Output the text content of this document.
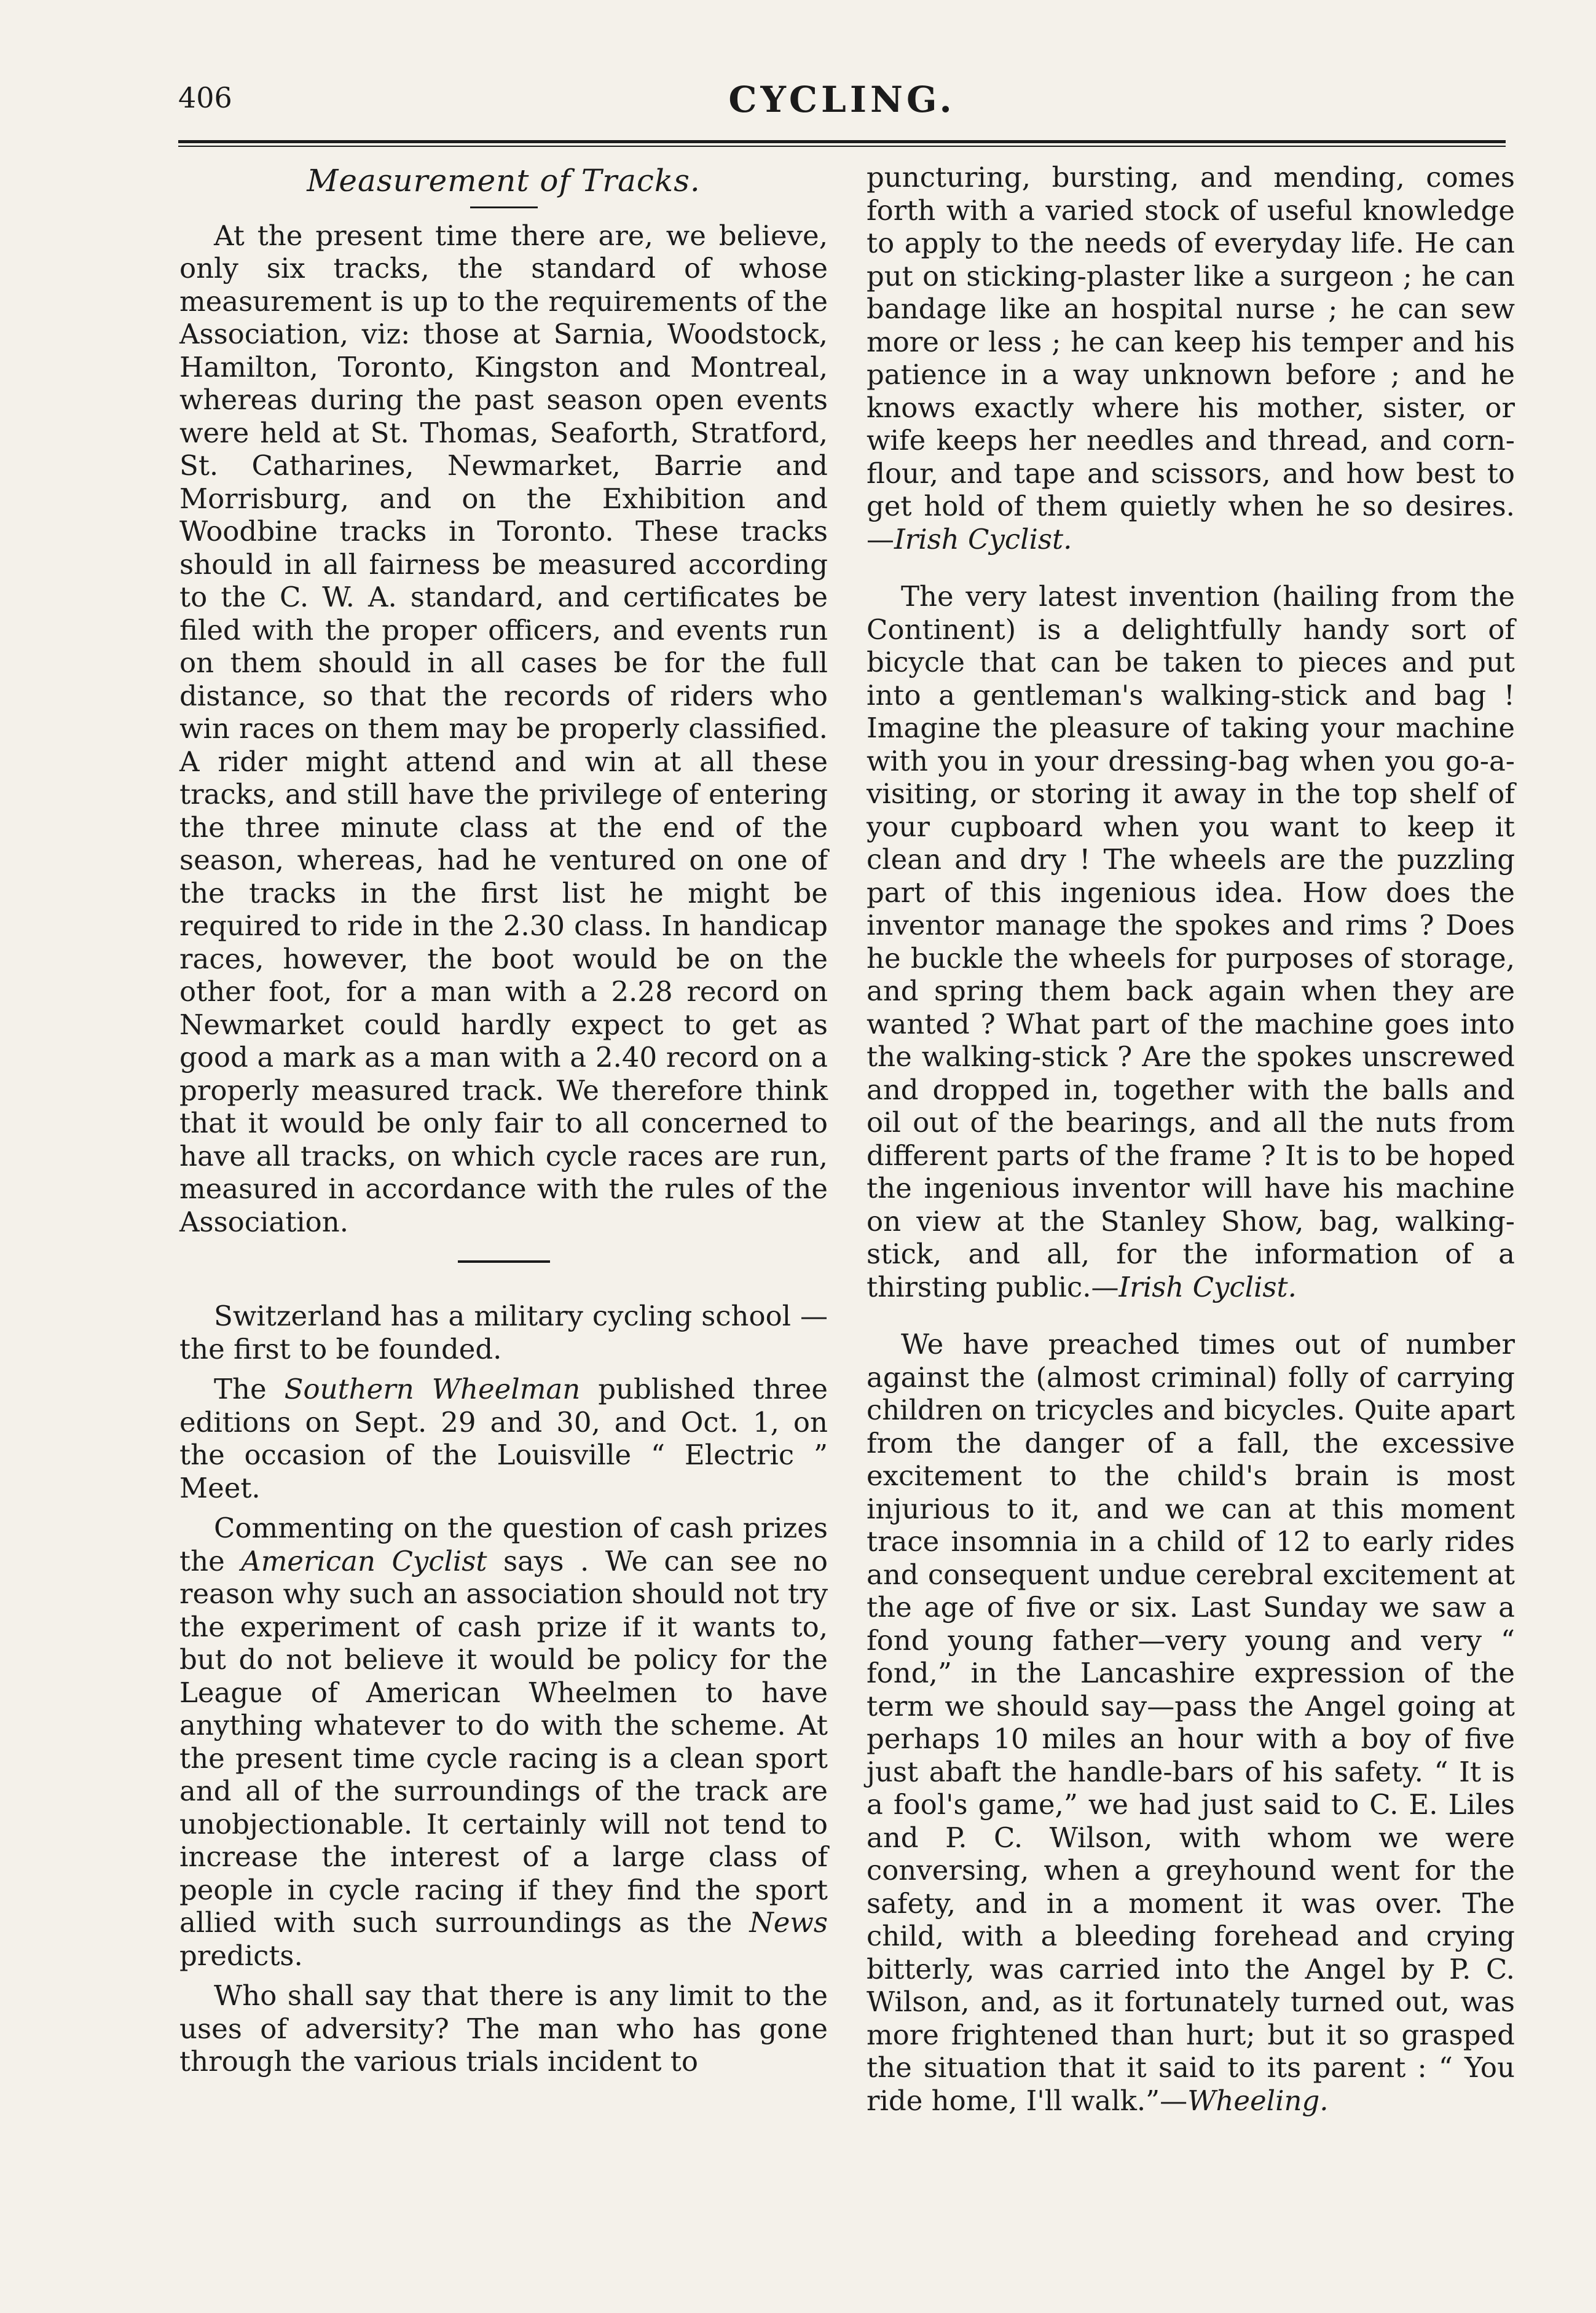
406	CYCLING.
Measurement of Tracks.

At the present time there are, we believe, only six tracks, the standard of whose measurement is up to the requirements of the Association, viz: those at Sarnia, Woodstock, Hamilton, Toronto, Kingston and Montreal, whereas during the past season open events were held at St. Thomas, Seaforth, Stratford, St. Catharines, Newmarket, Barrie and Morrisburg, and on the Exhibition and Woodbine tracks in Toronto. These tracks should in all fairness be measured according to the C. W. A. standard, and certificates be filed with the proper officers, and events run on them should in all cases be for the full distance, so that the records of riders who win races on them may be properly classified. A rider might attend and win at all these tracks, and still have the privilege of entering the three minute class at the end of the season, whereas, had he ventured on one of the tracks in the first list he might be required to ride in the 2.30 class. In handicap races, however, the boot would be on the other foot, for a man with a 2.28 record on Newmarket could hardly expect to get as good a mark as a man with a 2.40 record on a properly measured track. We therefore think that it would be only fair to all concerned to have all tracks, on which cycle races are run, measured in accordance with the rules of the Association.

Switzerland has a military cycling school —the first to be founded.

The Southern Wheelman published three editions on Sept. 29 and 30, and Oct. 1, on the occasion of the Louisville “ Electric ” Meet.

Commenting on the question of cash prizes the American Cyclist says . We can see no reason why such an association should not try the experiment of cash prize if it wants to, but do not believe it would be policy for the League of American Wheelmen to have anything whatever to do with the scheme. At the present time cycle racing is a clean sport and all of the surroundings of the track are unobjectionable. It certainly will not tend to increase the interest of a large class of people in cycle racing if they find the sport allied with such surroundings as the News predicts.

Who shall say that there is any limit to the uses of adversity? The man who has gone through the various trials incident to

puncturing, bursting, and mending, comes forth with a varied stock of useful knowledge to apply to the needs of everyday life. He can put on sticking-plaster like a surgeon ; he can bandage like an hospital nurse ; he can sew more or less ; he can keep his temper and his patience in a way unknown before ; and he knows exactly where his mother, sister, or wife keeps her needles and thread, and corn-flour, and tape and scissors, and how best to get hold of them quietly when he so desires.—Irish Cyclist.

The very latest invention (hailing from the Continent) is a delightfully handy sort of bicycle that can be taken to pieces and put into a gentleman's walking-stick and bag ! Imagine the pleasure of taking your machine with you in your dressing-bag when you go-a-visiting, or storing it away in the top shelf of your cupboard when you want to keep it clean and dry ! The wheels are the puzzling part of this ingenious idea. How does the inventor manage the spokes and rims ? Does he buckle the wheels for purposes of storage, and spring them back again when they are wanted ? What part of the machine goes into the walking-stick ? Are the spokes unscrewed and dropped in, together with the balls and oil out of the bearings, and all the nuts from different parts of the frame ? It is to be hoped the ingenious inventor will have his machine on view at the Stanley Show, bag, walking-stick, and all, for the information of a thirsting public.—Irish Cyclist.

We have preached times out of number against the (almost criminal) folly of carrying children on tricycles and bicycles. Quite apart from the danger of a fall, the excessive excitement to the child's brain is most injurious to it, and we can at this moment trace insomnia in a child of 12 to early rides and consequent undue cerebral excitement at the age of five or six. Last Sunday we saw a fond young father—very young and very “ fond,” in the Lancashire expression of the term we should say—pass the Angel going at perhaps 10 miles an hour with a boy of five just abaft the handle-bars of his safety. “ It is a fool's game,” we had just said to C. E. Liles and P. C. Wilson, with whom we were conversing, when a greyhound went for the safety, and in a moment it was over. The child, with a bleeding forehead and crying bitterly, was carried into the Angel by P. C. Wilson, and, as it fortunately turned out, was more frightened than hurt; but it so grasped the situation that it said to its parent : “ You ride home, I'll walk.”—Wheeling.
